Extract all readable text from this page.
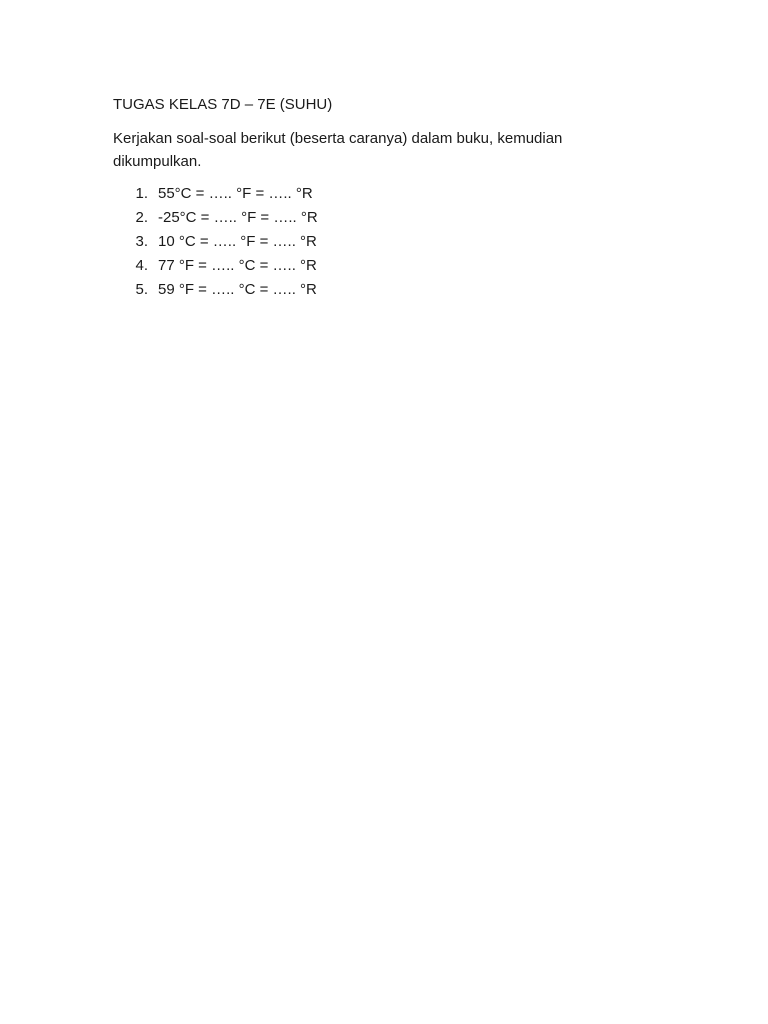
TUGAS KELAS 7D – 7E (SUHU)

Kerjakan soal-soal berikut (beserta caranya) dalam buku, kemudian dikumpulkan.

1. 55°C = ….. °F = ….. °R
2. -25°C = ….. °F = ….. °R
3. 10 °C = ….. °F = ….. °R
4. 77 °F = ….. °C = ….. °R
5. 59 °F = ….. °C = ….. °R
